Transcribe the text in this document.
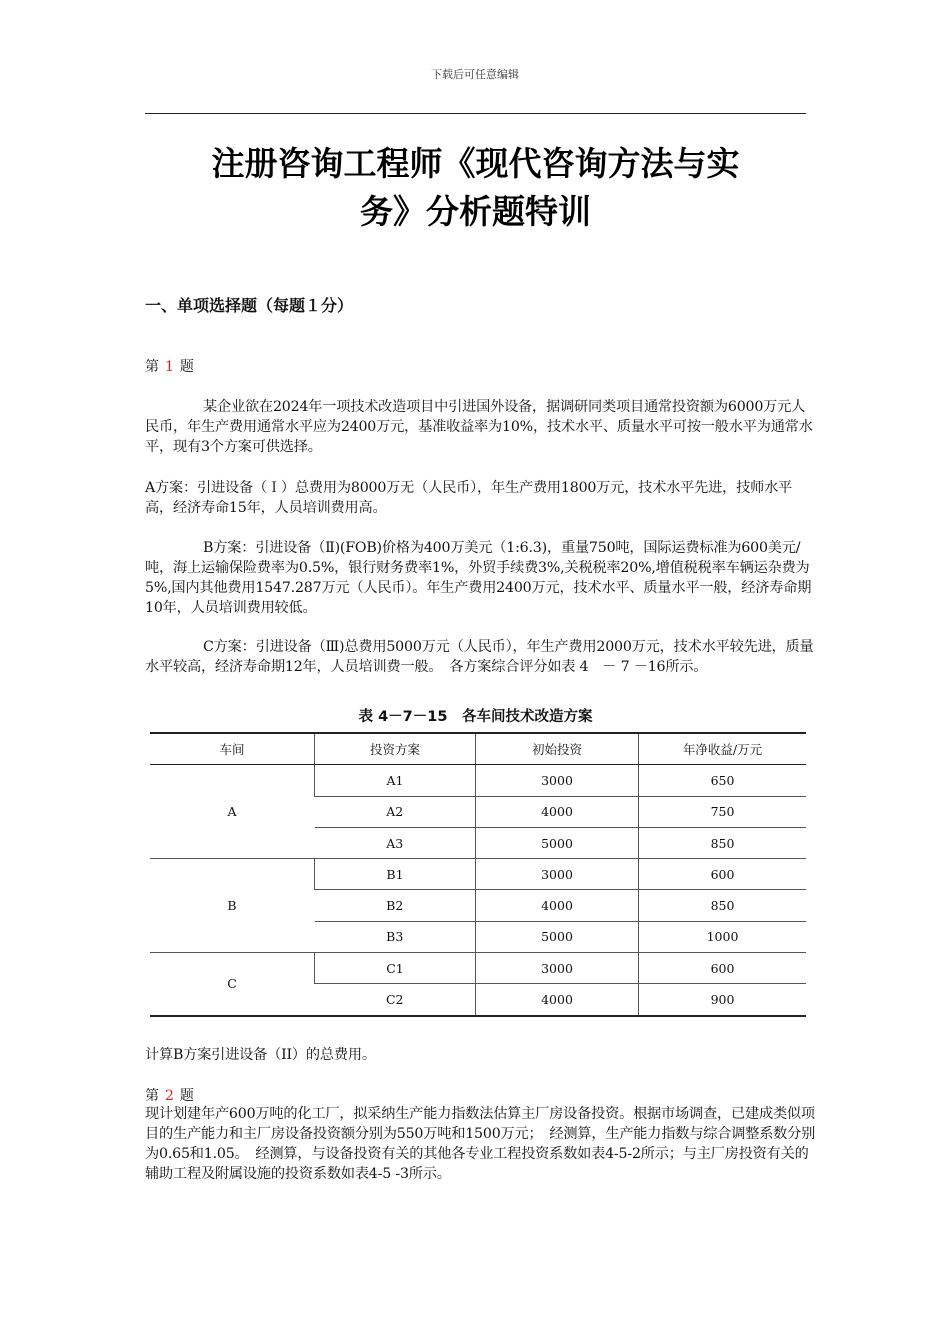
下载后可任意编辑
注册咨询工程师《现代咨询方法与实
务》分析题特训
一、单项选择题（每题１分）
第 1 题
某企业欲在2024年一项技术改造项目中引进国外设备，据调研同类项目通常投资额为6000万元人民币，年生产费用通常水平应为2400万元，基准收益率为10%，技术水平、质量水平可按一般水平为通常水平，现有3个方案可供选择。
A方案：引进设备（Ｉ）总费用为8000万无（人民币），年生产费用1800万元，技术水平先进，技师水平高，经济寿命15年，人员培训费用高。
B方案：引进设备（Ⅱ)(FOB)价格为400万美元（1:6.3)，重量750吨，国际运费标准为600美元/吨，海上运输保险费率为0.5%，银行财务费率1%，外贸手续费3%,关税税率20%,增值税税率车辆运杂费为5%,国内其他费用1547.287万元（人民币）。年生产费用2400万元，技术水平、质量水平一般，经济寿命期10年，人员培训费用较低。
C方案：引进设备（Ⅲ)总费用5000万元（人民币），年生产费用2000万元，技术水平较先进，质量水平较高，经济寿命期12年，人员培训费一般。　各方案综合评分如表 4　－ 7 －16所示。
表 4－7－15　各车间技术改造方案
车间	投资方案	初始投资	年净收益/万元
A	A1	3000	650
	A2	4000	750
	A3	5000	850
B	B1	3000	600
	B2	4000	850
	B3	5000	1000
C	C1	3000	600
	C2	4000	900
计算B方案引进设备（II）的总费用。
第 2 题
现计划建年产600万吨的化工厂，拟采纳生产能力指数法估算主厂房设备投资。根据市场调查，已建成类似项目的生产能力和主厂房设备投资额分别为550万吨和1500万元；　经测算，生产能力指数与综合调整系数分别为0.65和1.05。　经测算，与设备投资有关的其他各专业工程投资系数如表4-5-2所示；与主厂房投资有关的辅助工程及附属设施的投资系数如表4-5 -3所示。
